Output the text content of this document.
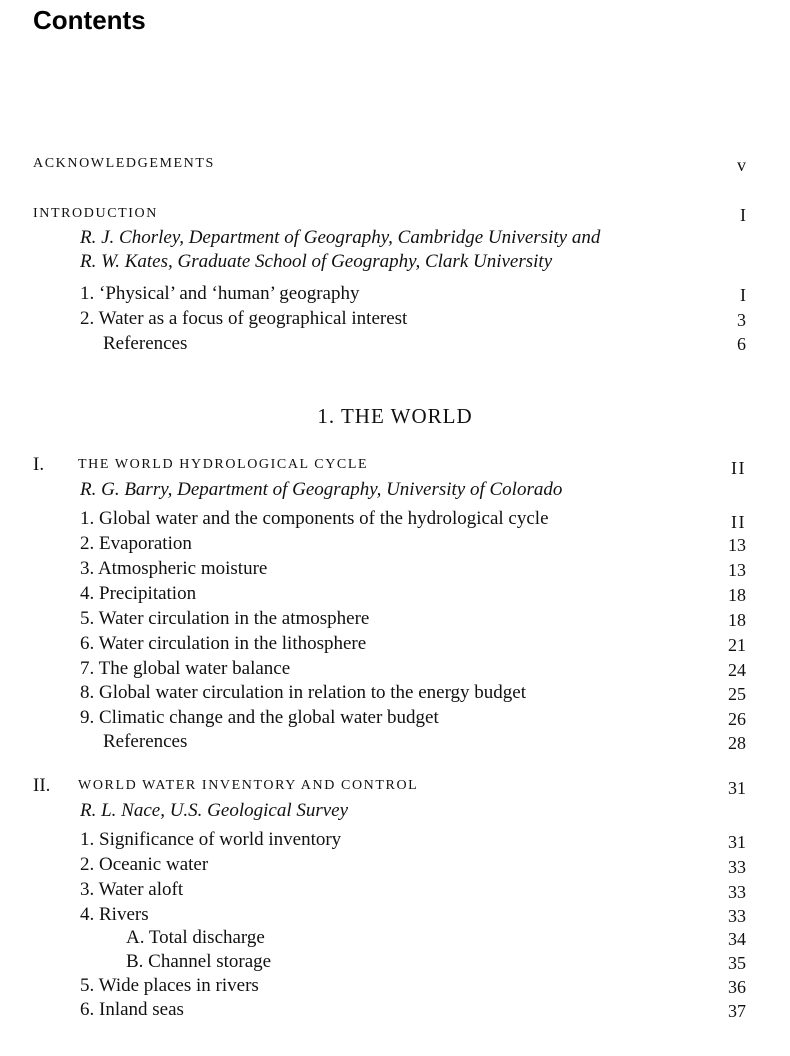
Contents
ACKNOWLEDGEMENTS	v
INTRODUCTION	I
R. J. Chorley, Department of Geography, Cambridge University and
R. W. Kates, Graduate School of Geography, Clark University
1. ‘Physical’ and ‘human’ geography	I
2. Water as a focus of geographical interest	3
References	6
1. THE WORLD
I. THE WORLD HYDROLOGICAL CYCLE	II
R. G. Barry, Department of Geography, University of Colorado
1. Global water and the components of the hydrological cycle	II
2. Evaporation	13
3. Atmospheric moisture	13
4. Precipitation	18
5. Water circulation in the atmosphere	18
6. Water circulation in the lithosphere	21
7. The global water balance	24
8. Global water circulation in relation to the energy budget	25
9. Climatic change and the global water budget	26
References	28
II. WORLD WATER INVENTORY AND CONTROL	31
R. L. Nace, U.S. Geological Survey
1. Significance of world inventory	31
2. Oceanic water	33
3. Water aloft	33
4. Rivers	33
A. Total discharge	34
B. Channel storage	35
5. Wide places in rivers	36
6. Inland seas	37
